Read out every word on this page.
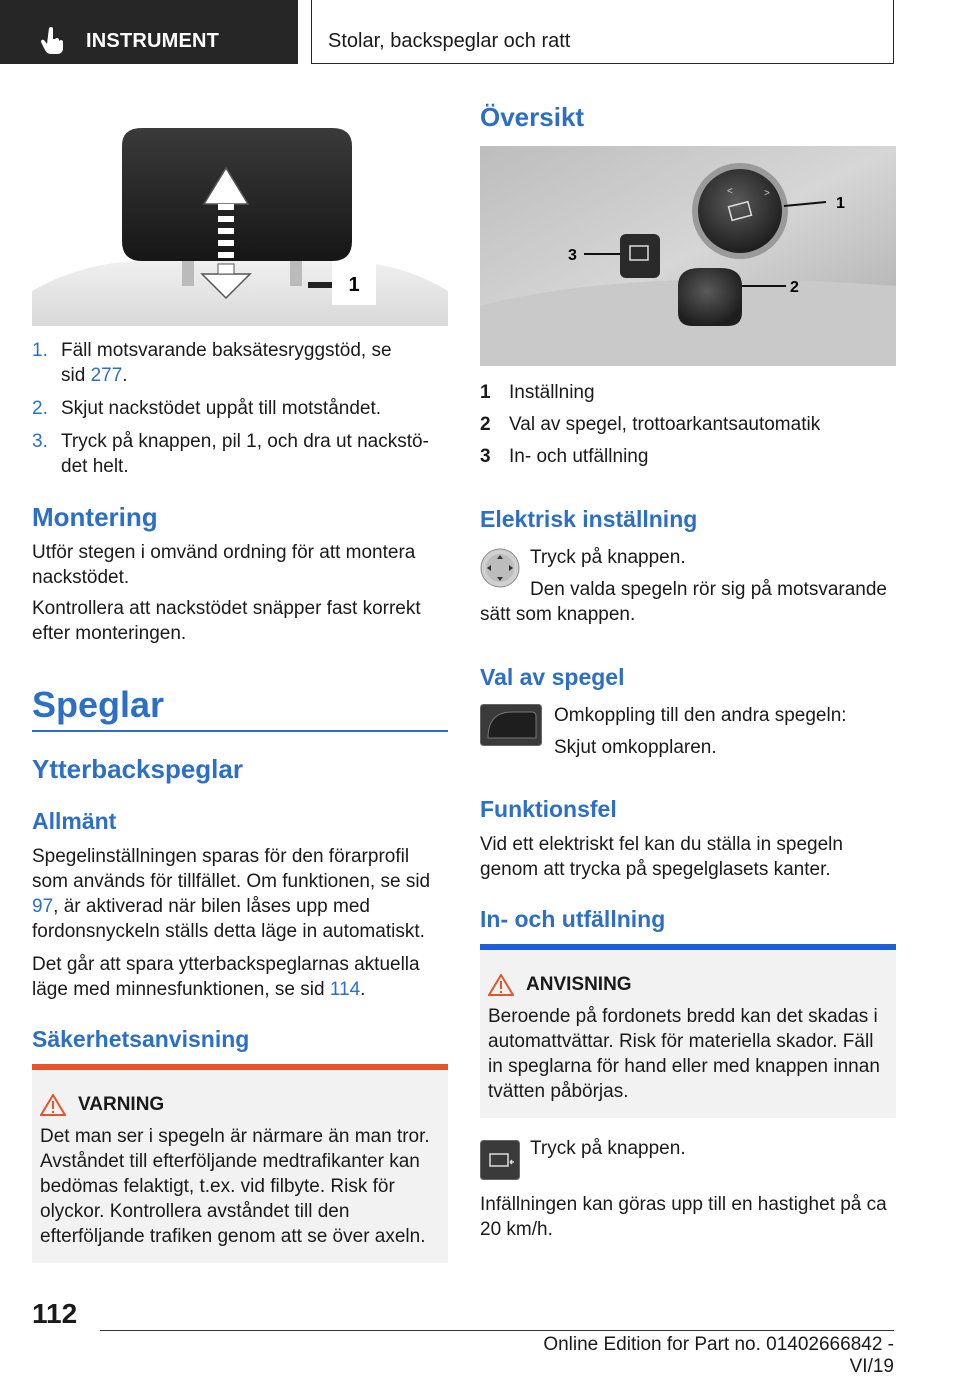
INSTRUMENT	Stolar, backspeglar och ratt
1
1. Fäll motsvarande baksätesryggstöd, se
sid 277.
2. Skjut nackstödet uppåt till motståndet.
3. Tryck på knappen, pil 1, och dra ut nackstö-
det helt.
Montering

Utför stegen i omvänd ordning för att montera nackstödet.

Kontrollera att nackstödet snäpper fast korrekt efter monteringen.

Speglar
Ytterbackspeglar
Allmänt

Spegelinställningen sparas för den förarprofil som används för tillfället. Om funktionen, se sid 97, är aktiverad när bilen låses upp med fordonsnyckeln ställs detta läge in automatiskt.

Det går att spara ytterbackspeglarnas aktuella läge med minnesfunktionen, se sid 114.

Säkerhetsanvisning
VARNING
Det man ser i spegeln är närmare än man tror. Avståndet till efterföljande medtrafikanter kan bedömas felaktigt, t.ex. vid filbyte. Risk för olyckor. Kontrollera avståndet till den efterföljande trafiken genom att se över axeln.
Översikt
<	>
1
2
3
1 Inställning
2 Val av spegel, trottoarkantsautomatik
3 In- och utfällning
Elektrisk inställning

Tryck på knappen.

Den valda spegeln rör sig på motsvarande sätt som knappen.

Val av spegel

Omkoppling till den andra spegeln:

Skjut omkopplaren.

Funktionsfel

Vid ett elektriskt fel kan du ställa in spegeln genom att trycka på spegelglasets kanter.

In- och utfällning
ANVISNING
Beroende på fordonets bredd kan det skadas i automattvättar. Risk för materiella skador. Fäll in speglarna för hand eller med knappen innan tvätten påbörjas.

Tryck på knappen.

Infällningen kan göras upp till en hastighet på ca 20 km/h.

112
Online Edition for Part no. 01402666842 - VI/19
